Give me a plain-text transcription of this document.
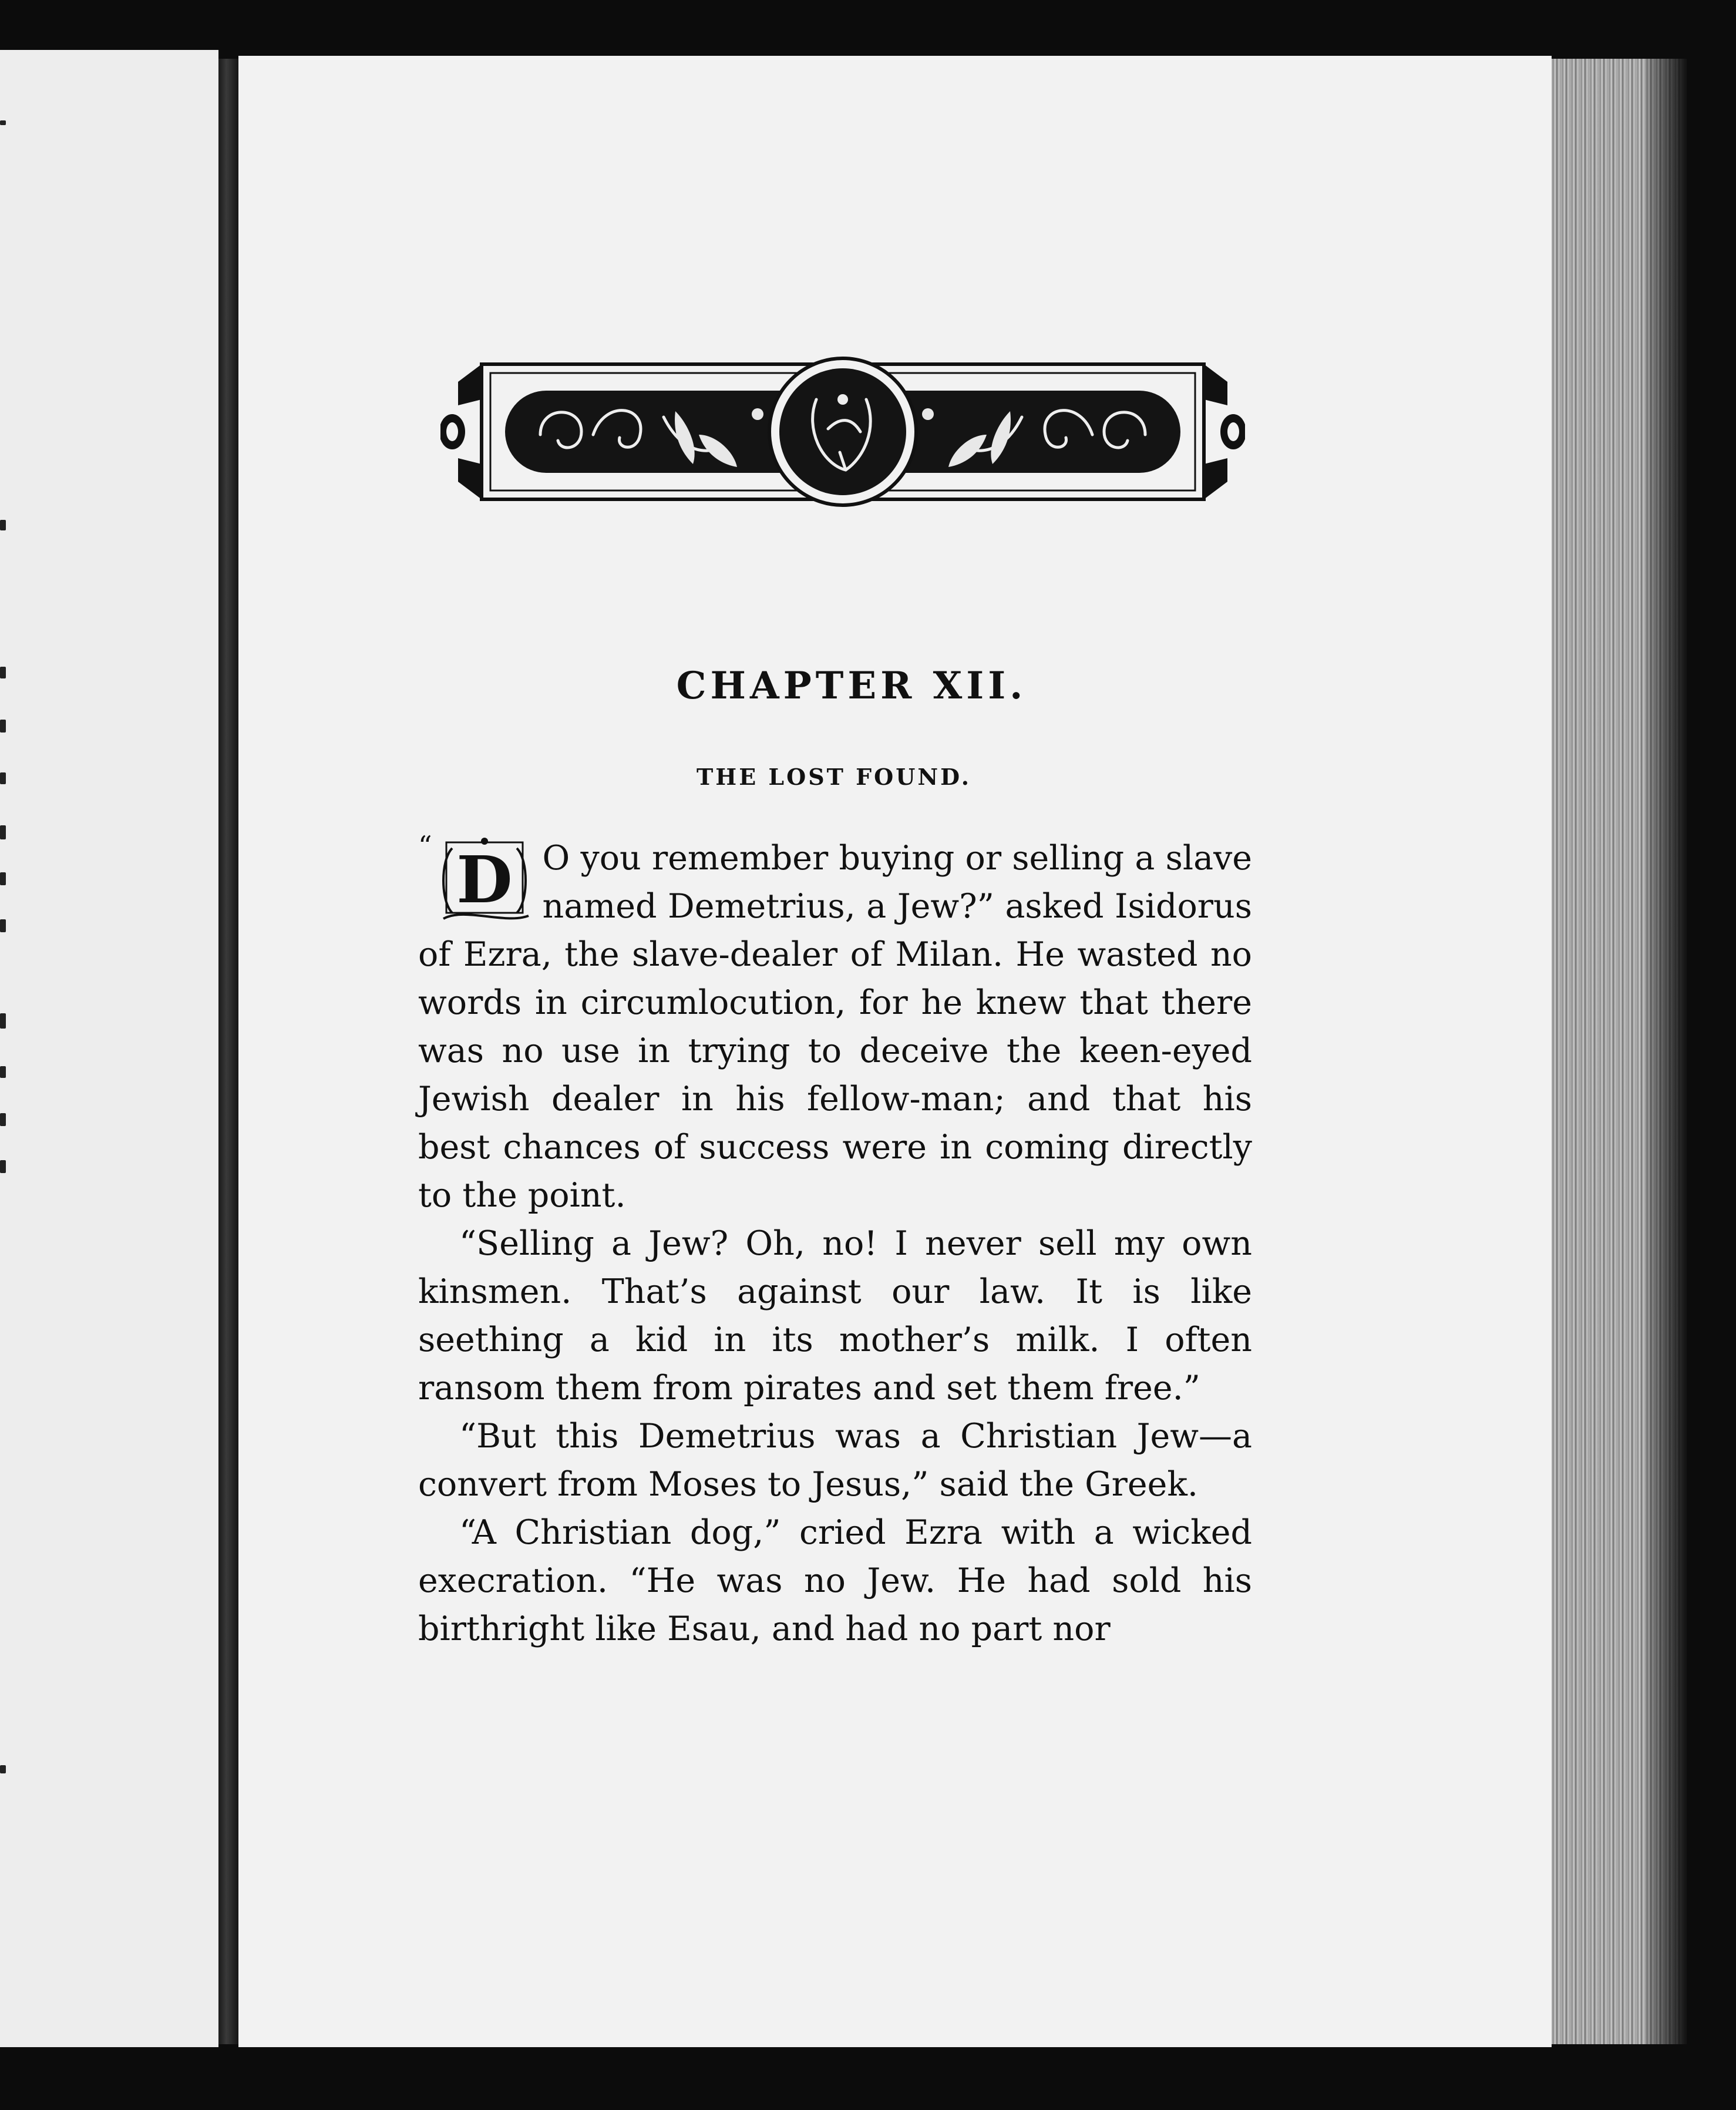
CHAPTER XII.
THE LOST FOUND.

“ D O you remember buying or selling a slave named Demetrius, a Jew?” asked Isidorus of Ezra, the slave-dealer of Milan. He wasted no words in circumlocution, for he knew that there was no use in trying to deceive the keen-eyed Jewish dealer in his fellow-man; and that his best chances of success were in coming directly to the point.

“Selling a Jew? Oh, no! I never sell my own kinsmen. That’s against our law. It is like seething a kid in its mother’s milk. I often ransom them from pirates and set them free.”

“But this Demetrius was a Christian Jew—a convert from Moses to Jesus,” said the Greek.

“A Christian dog,” cried Ezra with a wicked execration. “He was no Jew. He had sold his birthright like Esau, and had no part nor
